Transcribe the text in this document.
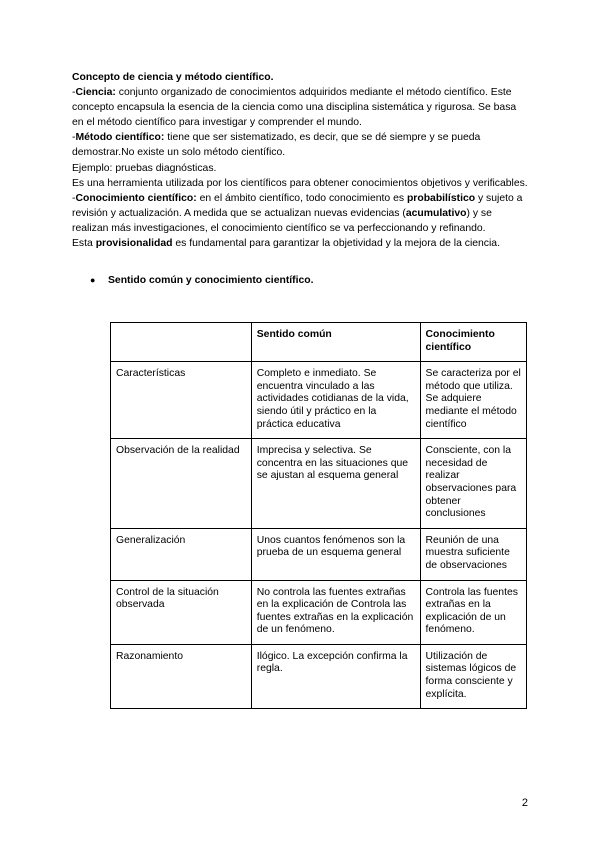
Concepto de ciencia y método científico.

-Ciencia: conjunto organizado de conocimientos adquiridos mediante el método científico. Este concepto encapsula la esencia de la ciencia como una disciplina sistemática y rigurosa. Se basa en el método científico para investigar y comprender el mundo.

-Método científico: tiene que ser sistematizado, es decir, que se dé siempre y se pueda demostrar.No existe un solo método científico.

Ejemplo: pruebas diagnósticas.

Es una herramienta utilizada por los científicos para obtener conocimientos objetivos y verificables.

-Conocimiento científico: en el ámbito científico, todo conocimiento es probabilístico y sujeto a revisión y actualización. A medida que se actualizan nuevas evidencias (acumulativo) y se realizan más investigaciones, el conocimiento científico se va perfeccionando y refinando.

Esta provisionalidad es fundamental para garantizar la objetividad y la mejora de la ciencia.

●	Sentido común y conocimiento científico.
	Sentido común	Conocimiento científico
Características	Completo e inmediato. Se encuentra vinculado a las actividades cotidianas de la vida, siendo útil y práctico en la práctica educativa	Se caracteriza por el método que utiliza. Se adquiere mediante el método científico
Observación de la realidad	Imprecisa y selectiva. Se concentra en las situaciones que se ajustan al esquema general	Consciente, con la necesidad de realizar observaciones para obtener conclusiones
Generalización	Unos cuantos fenómenos son la prueba de un esquema general	Reunión de una muestra suficiente de observaciones
Control de la situación observada	No controla las fuentes extrañas en la explicación de Controla las fuentes extrañas en la explicación de un fenómeno.	Controla las fuentes extrañas en la explicación de un fenómeno.
Razonamiento	Ilógico. La excepción confirma la regla.	Utilización de sistemas lógicos de forma consciente y explícita.
2
